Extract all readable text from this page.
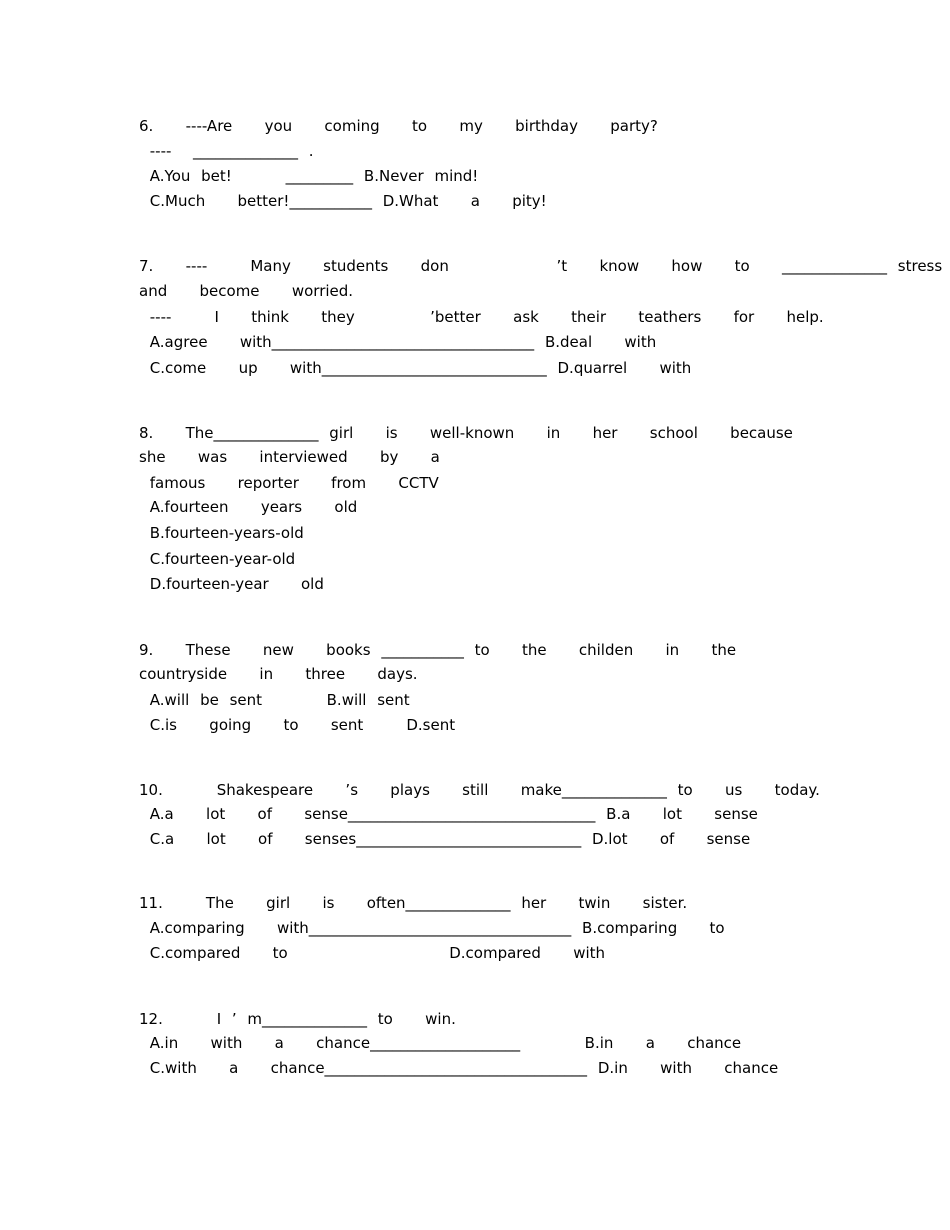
6.   ----Are   you   coming   to   my   birthday   party?
----  ______________ .
A.You bet!     _________ B.Never mind!
C.Much   better!___________ D.What   a   pity!
7.   ----    Many   students   don          ’t   know   how   to   ______________ stress
and   become   worried.
----    I   think   they       ’better   ask   their   teathers   for   help.
A.agree   with___________________________________ B.deal   with
C.come   up   with______________________________ D.quarrel   with
8.   The______________ girl   is   well-known   in   her   school   because
she   was   interviewed   by   a
famous   reporter   from   CCTV
A.fourteen   years   old
B.fourteen-years-old
C.fourteen-year-old
D.fourteen-year   old
9.   These   new   books ___________ to   the   childen   in   the
countryside   in   three   days.
A.will be sent      B.will sent
C.is   going   to   sent    D.sent
10.     Shakespeare   ’s   plays   still   make______________ to   us   today.
A.a   lot   of   sense_________________________________ B.a   lot   sense
C.a   lot   of   senses______________________________ D.lot   of   sense
11.    The   girl   is   often______________ her   twin   sister.
A.comparing   with___________________________________ B.comparing   to
C.compared   to               D.compared   with
12.     I ’ m______________ to   win.
A.in   with   a   chance____________________      B.in   a   chance
C.with   a   chance___________________________________ D.in   with   chance
